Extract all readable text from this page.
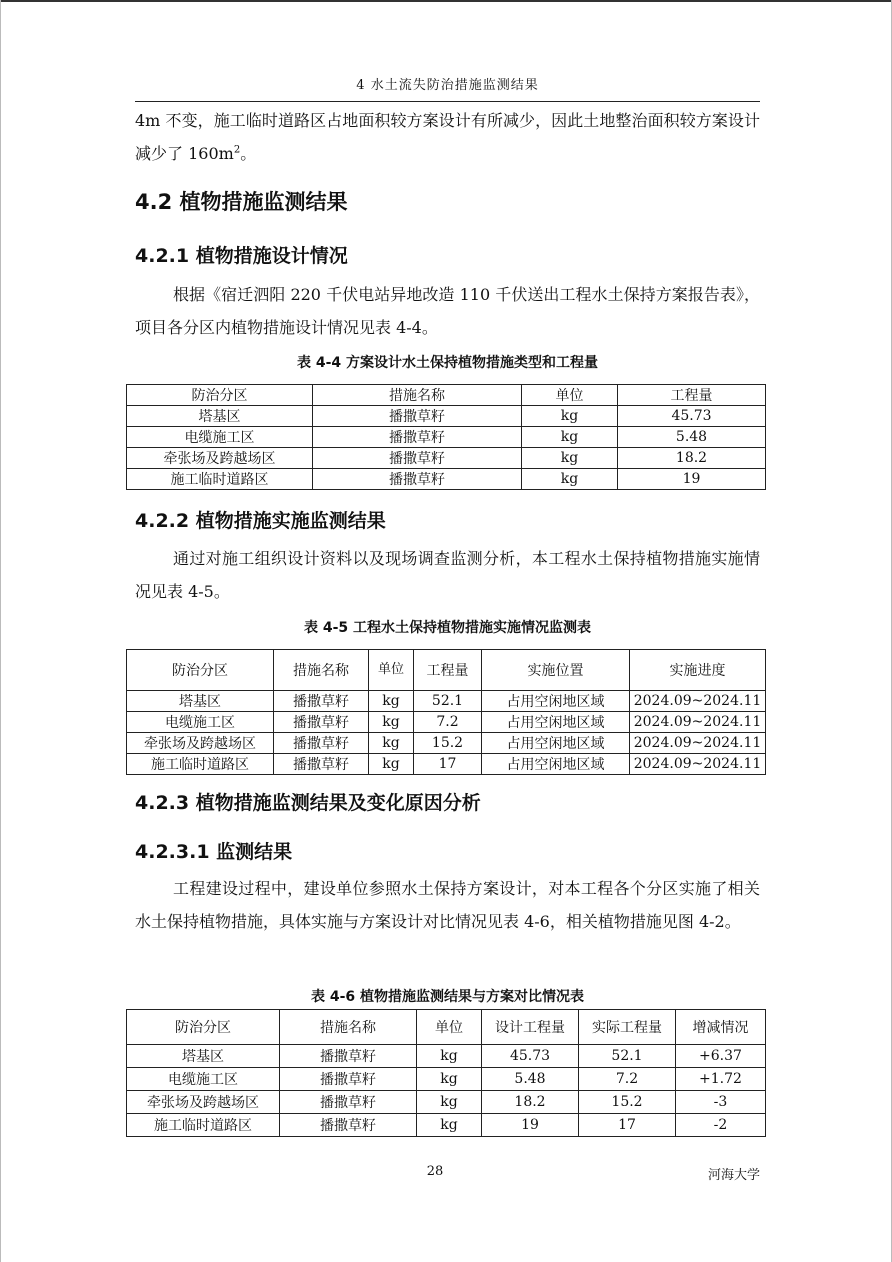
4 水土流失防治措施监测结果
4m 不变，施工临时道路区占地面积较方案设计有所减少，因此土地整治面积较方案设计减少了 $160m^2$。
4.2 植物措施监测结果
4.2.1 植物措施设计情况
根据《宿迁泗阳 220 千伏电站异地改造 110 千伏送出工程水土保持方案报告表》，项目各分区内植物措施设计情况见表 4-4。
表 4-4 方案设计水土保持植物措施类型和工程量
防治分区	措施名称	单位	工程量
塔基区	播撒草籽	kg	45.73
电缆施工区	播撒草籽	kg	5.48
牵张场及跨越场区	播撒草籽	kg	18.2
施工临时道路区	播撒草籽	kg	19
4.2.2 植物措施实施监测结果
通过对施工组织设计资料以及现场调查监测分析，本工程水土保持植物措施实施情况见表 4-5。
表 4-5 工程水土保持植物措施实施情况监测表
防治分区	措施名称	单位	工程量	实施位置	实施进度
塔基区	播撒草籽	kg	52.1	占用空闲地区域	2024.09~2024.11
电缆施工区	播撒草籽	kg	7.2	占用空闲地区域	2024.09~2024.11
牵张场及跨越场区	播撒草籽	kg	15.2	占用空闲地区域	2024.09~2024.11
施工临时道路区	播撒草籽	kg	17	占用空闲地区域	2024.09~2024.11
4.2.3 植物措施监测结果及变化原因分析
4.2.3.1 监测结果
工程建设过程中，建设单位参照水土保持方案设计，对本工程各个分区实施了相关水土保持植物措施，具体实施与方案设计对比情况见表 4-6，相关植物措施见图 4-2。
表 4-6 植物措施监测结果与方案对比情况表
防治分区	措施名称	单位	设计工程量	实际工程量	增减情况
塔基区	播撒草籽	kg	45.73	52.1	+6.37
电缆施工区	播撒草籽	kg	5.48	7.2	+1.72
牵张场及跨越场区	播撒草籽	kg	18.2	15.2	-3
施工临时道路区	播撒草籽	kg	19	17	-2
28	河海大学
